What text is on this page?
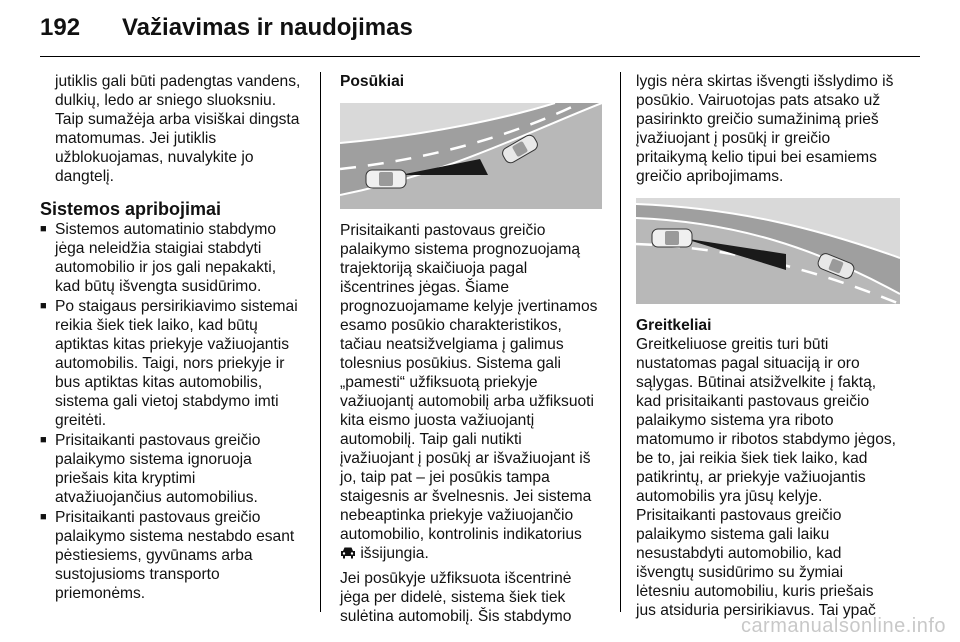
192 Važiavimas ir naudojimas

jutiklis gali būti padengtas vandens,
dulkių, ledo ar sniego sluoksniu.
Taip sumažėja arba visiškai dingsta
matomumas. Jei jutiklis
užblokuojamas, nuvalykite jo
dangtelį.

Sistemos apribojimai

■ Sistemos automatinio stabdymo
jėga neleidžia staigiai stabdyti
automobilio ir jos gali nepakakti,
kad būtų išvengta susidūrimo.
■ Po staigaus persirikiavimo sistemai
reikia šiek tiek laiko, kad būtų
aptiktas kitas priekyje važiuojantis
automobilis. Taigi, nors priekyje ir
bus aptiktas kitas automobilis,
sistema gali vietoj stabdymo imti
greitėti.
■ Prisitaikanti pastovaus greičio
palaikymo sistema ignoruoja
priešais kita kryptimi
atvažiuojančius automobilius.
■ Prisitaikanti pastovaus greičio
palaikymo sistema nestabdo esant
pėstiesiems, gyvūnams arba
sustojusioms transporto
priemonėms.

Posūkiai

Prisitaikanti pastovaus greičio
palaikymo sistema prognozuojamą
trajektoriją skaičiuoja pagal
išcentrines jėgas. Šiame
prognozuojamame kelyje įvertinamos
esamo posūkio charakteristikos,
tačiau neatsižvelgiama į galimus
tolesnius posūkius. Sistema gali
„pamesti“ užfiksuotą priekyje
važiuojantį automobilį arba užfiksuoti
kita eismo juosta važiuojantį
automobilį. Taip gali nutikti
įvažiuojant į posūkį ar išvažiuojant iš
jo, taip pat – jei posūkis tampa
staigesnis ar švelnesnis. Jei sistema
nebeaptinka priekyje važiuojančio
automobilio, kontrolinis indikatorius
išsijungia.

Jei posūkyje užfiksuota išcentrinė
jėga per didelė, sistema šiek tiek
sulėtina automobilį. Šis stabdymo

lygis nėra skirtas išvengti išslydimo iš
posūkio. Vairuotojas pats atsako už
pasirinkto greičio sumažinimą prieš
įvažiuojant į posūkį ir greičio
pritaikymą kelio tipui bei esamiems
greičio apribojimams.

Greitkeliai

Greitkeliuose greitis turi būti
nustatomas pagal situaciją ir oro
sąlygas. Būtinai atsižvelkite į faktą,
kad prisitaikanti pastovaus greičio
palaikymo sistema yra riboto
matomumo ir ribotos stabdymo jėgos,
be to, jai reikia šiek tiek laiko, kad
patikrintų, ar priekyje važiuojantis
automobilis yra jūsų kelyje.
Prisitaikanti pastovaus greičio
palaikymo sistema gali laiku
nesustabdyti automobilio, kad
išvengtų susidūrimo su žymiai
lėtesniu automobiliu, kuris priešais
jus atsiduria persirikiavus. Tai ypač

carmanualsonline.info
